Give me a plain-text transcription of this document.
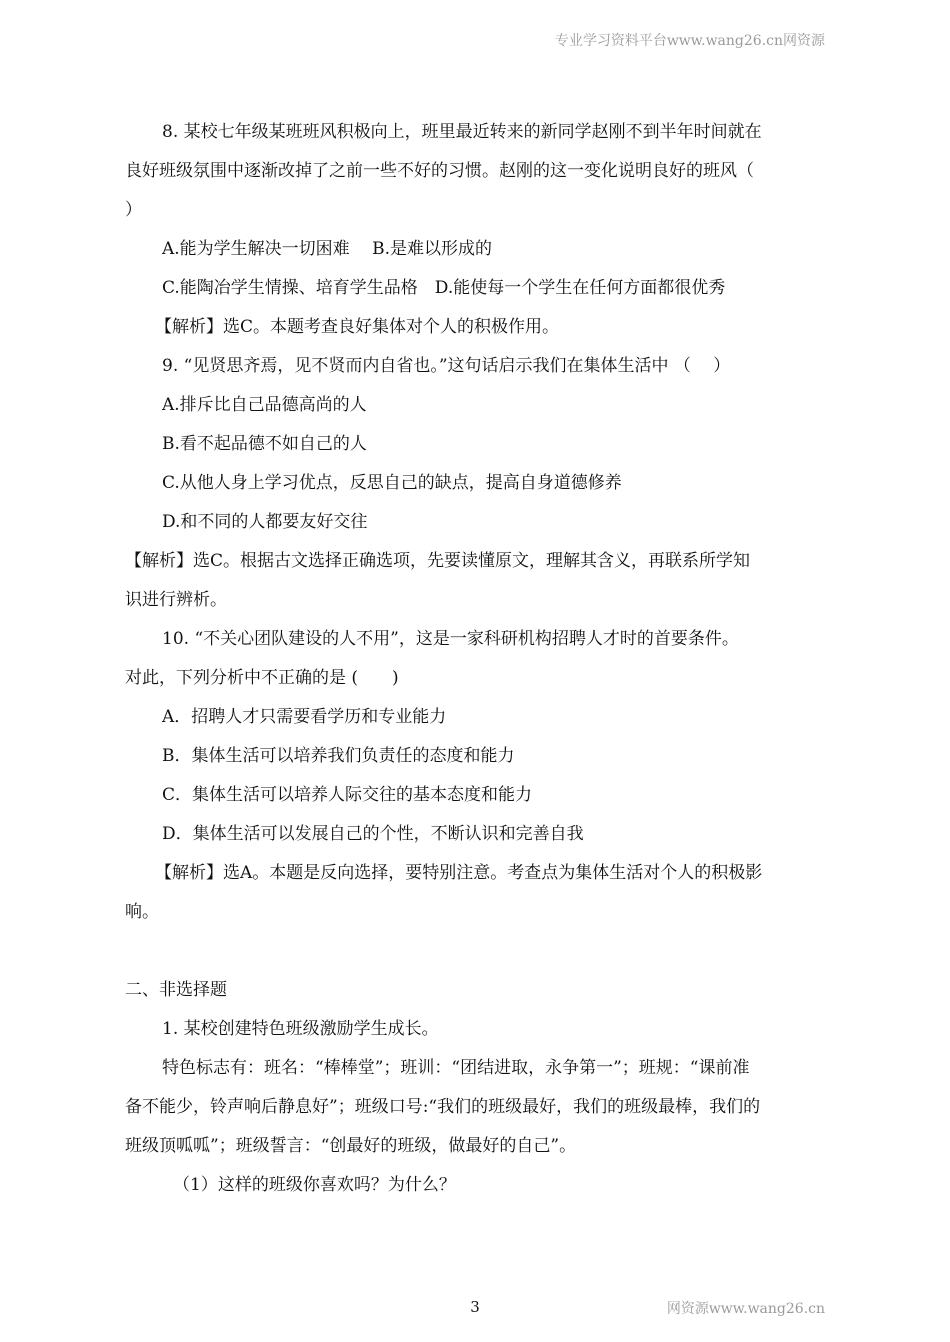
专业学习资料平台www.wang26.cn网资源
8. 某校七年级某班班风积极向上，班里最近转来的新同学赵刚不到半年时间就在
良好班级氛围中逐渐改掉了之前一些不好的习惯。赵刚的这一变化说明良好的班风（
）
A.能为学生解决一切困难　 B.是难以形成的
C.能陶冶学生情操、培育学生品格　D.能使每一个学生在任何方面都很优秀
【解析】选C。本题考查良好集体对个人的积极作用。
9. “见贤思齐焉，见不贤而内自省也。”这句话启示我们在集体生活中 （　 ）
A.排斥比自己品德高尚的人
B.看不起品德不如自己的人
C.从他人身上学习优点，反思自己的缺点，提高自身道德修养
D.和不同的人都要友好交往
【解析】选C。根据古文选择正确选项，先要读懂原文，理解其含义，再联系所学知
识进行辨析。
10. “不关心团队建设的人不用”，这是一家科研机构招聘人才时的首要条件。
对此，下列分析中不正确的是 (　　)
A．招聘人才只需要看学历和专业能力
B．集体生活可以培养我们负责任的态度和能力
C．集体生活可以培养人际交往的基本态度和能力
D．集体生活可以发展自己的个性，不断认识和完善自我
【解析】选A。本题是反向选择，要特别注意。考查点为集体生活对个人的积极影
响。
二、非选择题
1. 某校创建特色班级激励学生成长。
特色标志有：班名：“棒棒堂”；班训：“团结进取，永争第一”；班规：“课前准
备不能少，铃声响后静息好”；班级口号:“我们的班级最好，我们的班级最棒，我们的
班级顶呱呱”；班级誓言：“创最好的班级，做最好的自己”。
（1）这样的班级你喜欢吗？为什么？
3	网资源www.wang26.cn
